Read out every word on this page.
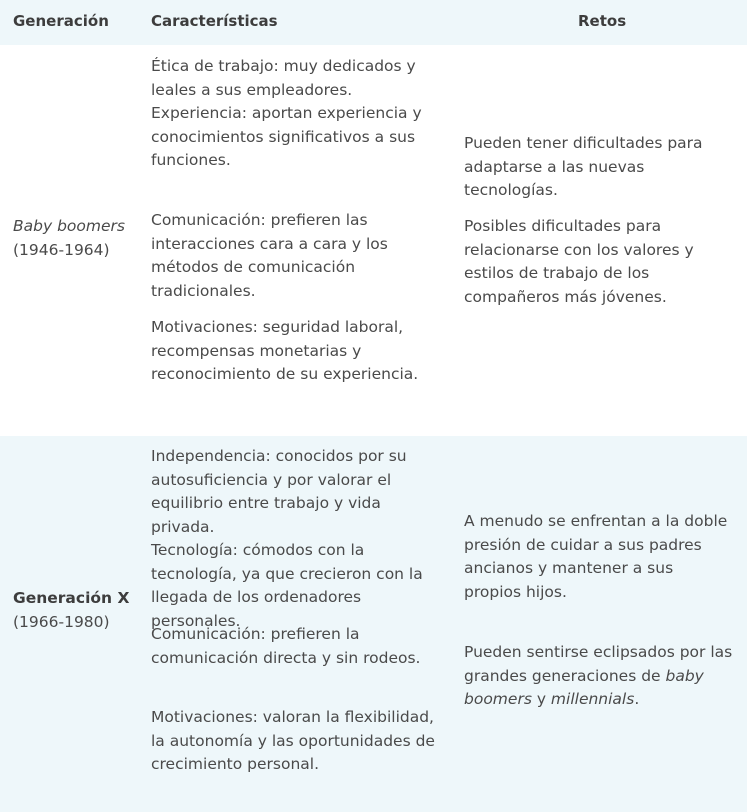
Generación	Características	Retos
Baby boomers
(1946-1964)

Ética de trabajo: muy dedicados y leales a sus empleadores.

Experiencia: aportan experiencia y conocimientos significativos a sus funciones.

Comunicación: prefieren las interacciones cara a cara y los métodos de comunicación tradicionales.

Motivaciones: seguridad laboral, recompensas monetarias y reconocimiento de su experiencia.

Pueden tener dificultades para adaptarse a las nuevas tecnologías.

Posibles dificultades para relacionarse con los valores y estilos de trabajo de los compañeros más jóvenes.

Generación X
(1966-1980)

Independencia: conocidos por su autosuficiencia y por valorar el equilibrio entre trabajo y vida privada.

Tecnología: cómodos con la tecnología, ya que crecieron con la llegada de los ordenadores personales.

Comunicación: prefieren la comunicación directa y sin rodeos.

Motivaciones: valoran la flexibilidad, la autonomía y las oportunidades de crecimiento personal.

A menudo se enfrentan a la doble presión de cuidar a sus padres ancianos y mantener a sus propios hijos.

Pueden sentirse eclipsados por las grandes generaciones de baby boomers y millennials.
